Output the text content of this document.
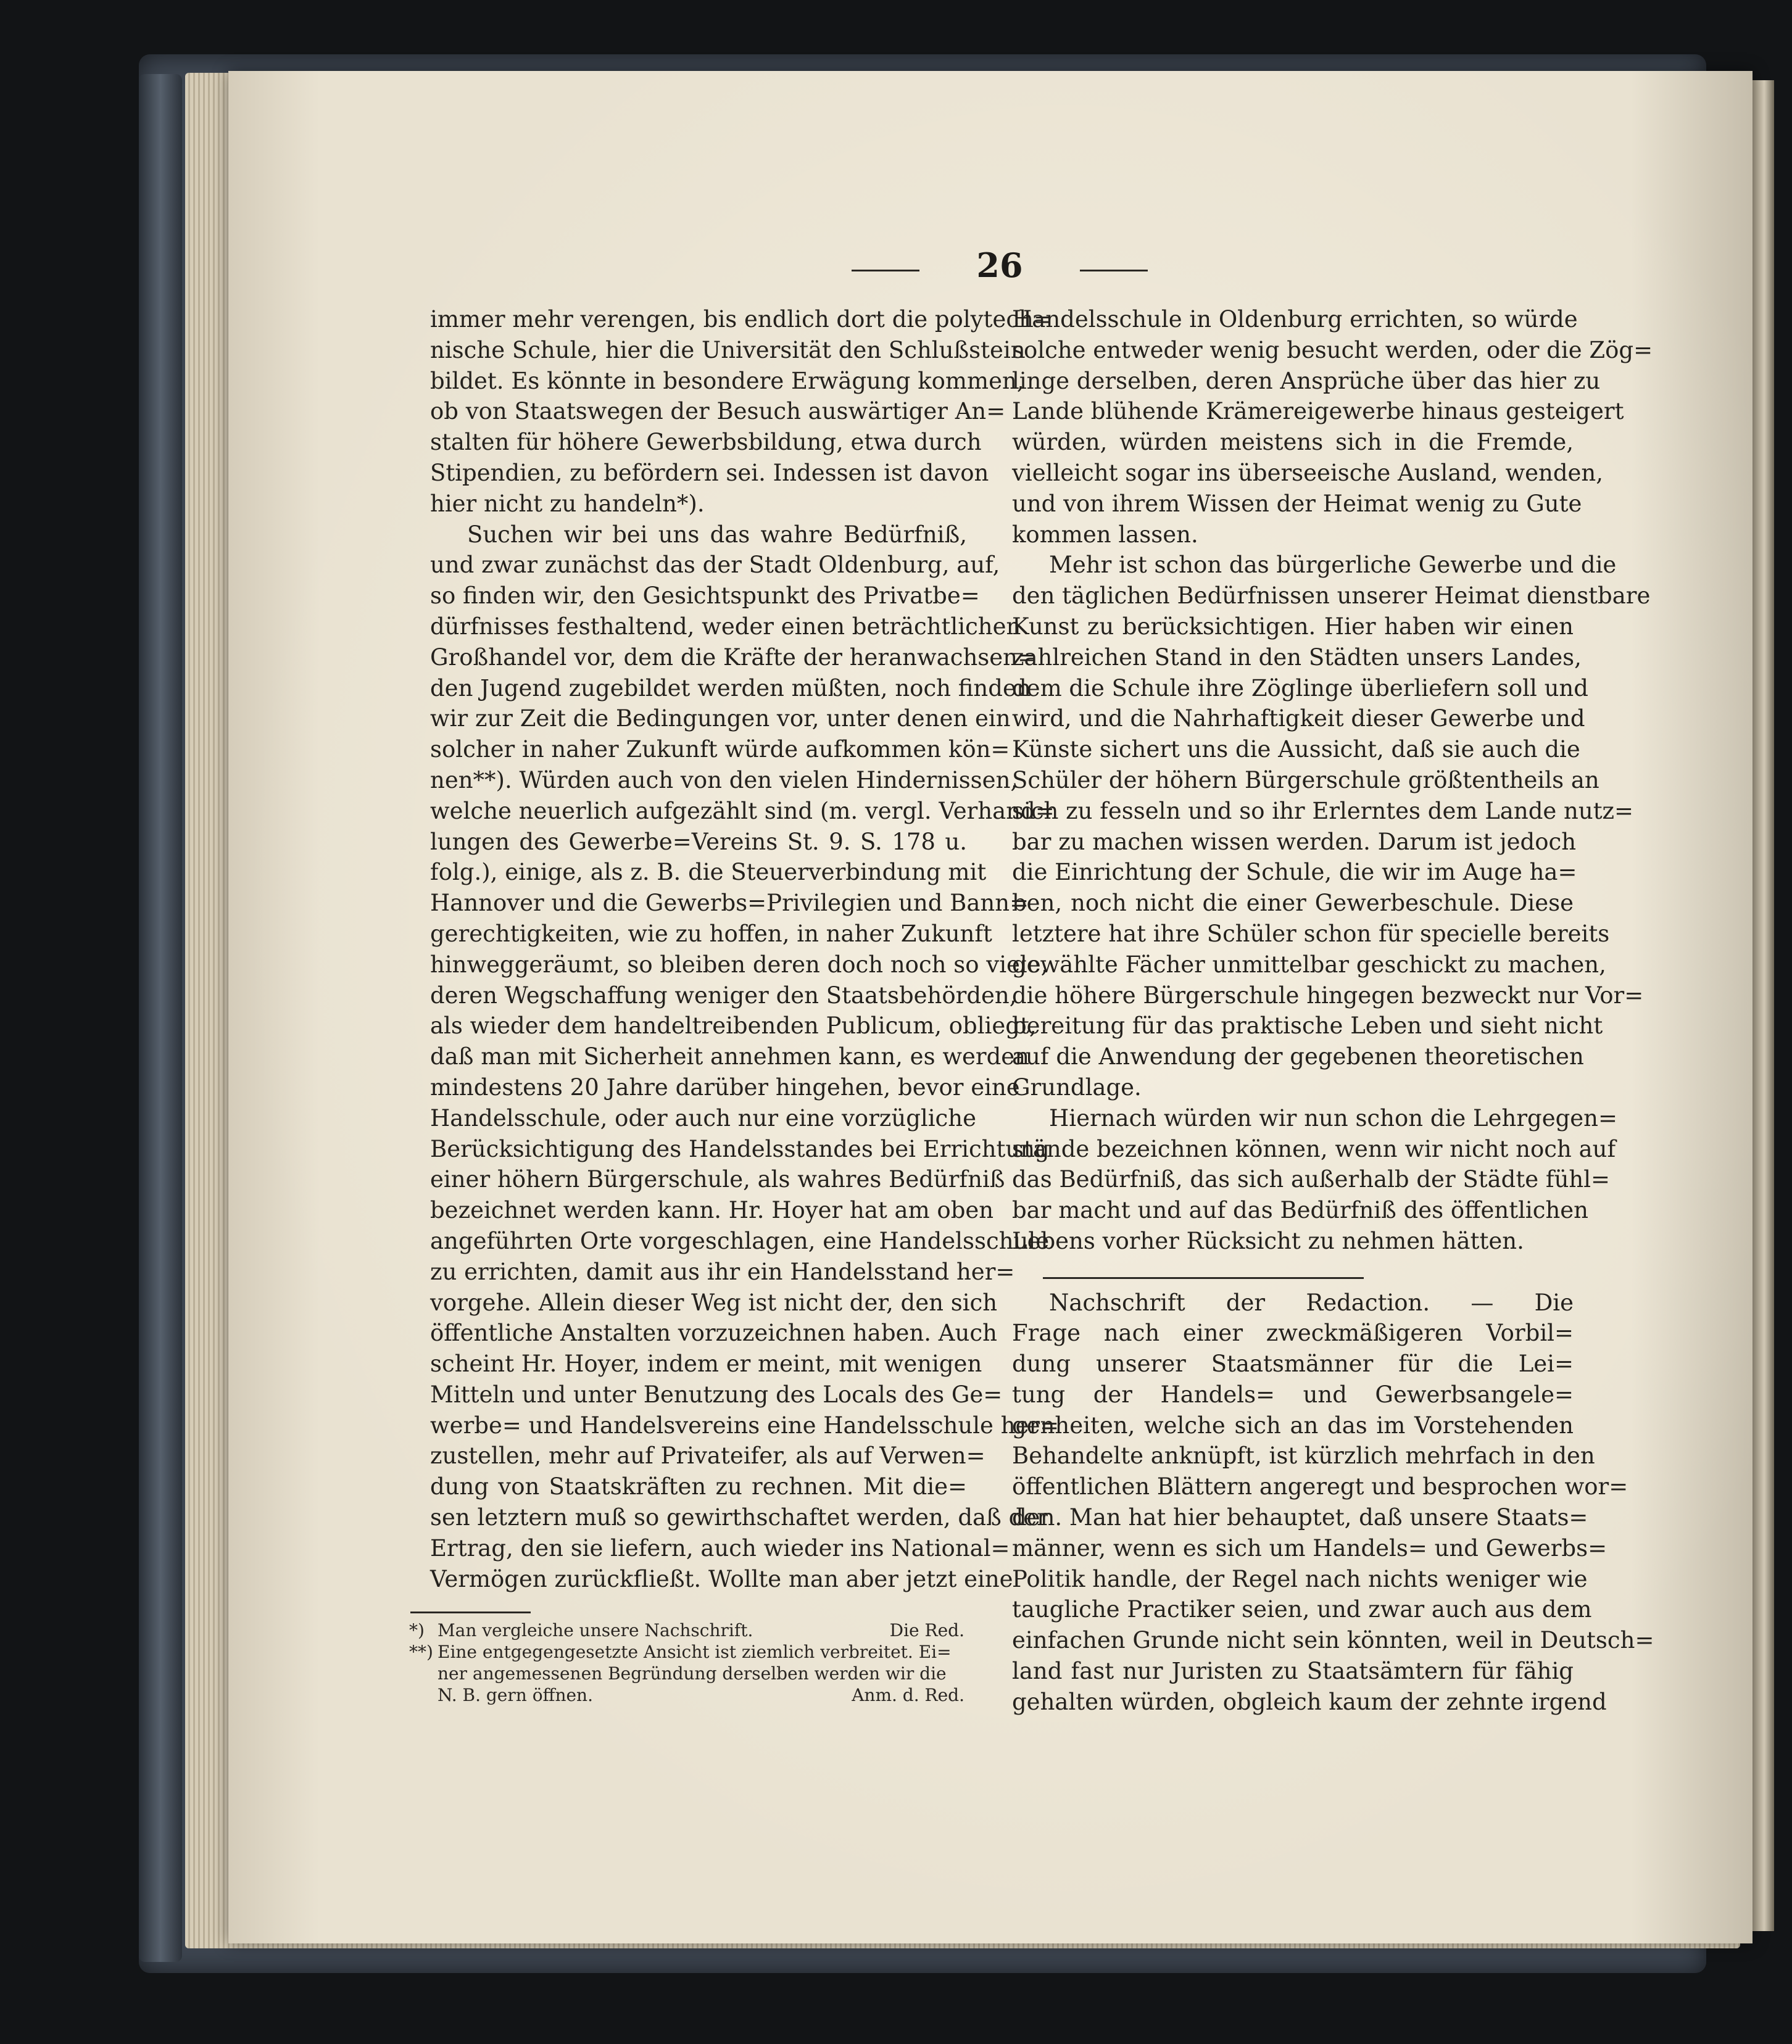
26
immer mehr verengen, bis endlich dort die polytech=
nische Schule, hier die Universität den Schlußstein
bildet. Es könnte in besondere Erwägung kommen,
ob von Staatswegen der Besuch auswärtiger An=
stalten für höhere Gewerbsbildung, etwa durch
Stipendien, zu befördern sei. Indessen ist davon
hier nicht zu handeln*).
Suchen wir bei uns das wahre Bedürfniß,
und zwar zunächst das der Stadt Oldenburg, auf,
so finden wir, den Gesichtspunkt des Privatbe=
dürfnisses festhaltend, weder einen beträchtlichen
Großhandel vor, dem die Kräfte der heranwachsen=
den Jugend zugebildet werden müßten, noch finden
wir zur Zeit die Bedingungen vor, unter denen ein
solcher in naher Zukunft würde aufkommen kön=
nen**). Würden auch von den vielen Hindernissen,
welche neuerlich aufgezählt sind (m. vergl. Verhand=
lungen des Gewerbe=Vereins St. 9. S. 178 u.
folg.), einige, als z. B. die Steuerverbindung mit
Hannover und die Gewerbs=Privilegien und Bann=
gerechtigkeiten, wie zu hoffen, in naher Zukunft
hinweggeräumt, so bleiben deren doch noch so viele,
deren Wegschaffung weniger den Staatsbehörden,
als wieder dem handeltreibenden Publicum, obliegt,
daß man mit Sicherheit annehmen kann, es werden
mindestens 20 Jahre darüber hingehen, bevor eine
Handelsschule, oder auch nur eine vorzügliche
Berücksichtigung des Handelsstandes bei Errichtung
einer höhern Bürgerschule, als wahres Bedürfniß
bezeichnet werden kann. Hr. Hoyer hat am oben
angeführten Orte vorgeschlagen, eine Handelsschule
zu errichten, damit aus ihr ein Handelsstand her=
vorgehe. Allein dieser Weg ist nicht der, den sich
öffentliche Anstalten vorzuzeichnen haben. Auch
scheint Hr. Hoyer, indem er meint, mit wenigen
Mitteln und unter Benutzung des Locals des Ge=
werbe= und Handelsvereins eine Handelsschule her=
zustellen, mehr auf Privateifer, als auf Verwen=
dung von Staatskräften zu rechnen. Mit die=
sen letztern muß so gewirthschaftet werden, daß der
Ertrag, den sie liefern, auch wieder ins National=
Vermögen zurückfließt. Wollte man aber jetzt eine
Handelsschule in Oldenburg errichten, so würde
solche entweder wenig besucht werden, oder die Zög=
linge derselben, deren Ansprüche über das hier zu
Lande blühende Krämereigewerbe hinaus gesteigert
würden, würden meistens sich in die Fremde,
vielleicht sogar ins überseeische Ausland, wenden,
und von ihrem Wissen der Heimat wenig zu Gute
kommen lassen.
Mehr ist schon das bürgerliche Gewerbe und die
den täglichen Bedürfnissen unserer Heimat dienstbare
Kunst zu berücksichtigen. Hier haben wir einen
zahlreichen Stand in den Städten unsers Landes,
dem die Schule ihre Zöglinge überliefern soll und
wird, und die Nahrhaftigkeit dieser Gewerbe und
Künste sichert uns die Aussicht, daß sie auch die
Schüler der höhern Bürgerschule größtentheils an
sich zu fesseln und so ihr Erlerntes dem Lande nutz=
bar zu machen wissen werden. Darum ist jedoch
die Einrichtung der Schule, die wir im Auge ha=
ben, noch nicht die einer Gewerbeschule. Diese
letztere hat ihre Schüler schon für specielle bereits
gewählte Fächer unmittelbar geschickt zu machen,
die höhere Bürgerschule hingegen bezweckt nur Vor=
bereitung für das praktische Leben und sieht nicht
auf die Anwendung der gegebenen theoretischen
Grundlage.
Hiernach würden wir nun schon die Lehrgegen=
stände bezeichnen können, wenn wir nicht noch auf
das Bedürfniß, das sich außerhalb der Städte fühl=
bar macht und auf das Bedürfniß des öffentlichen
Lebens vorher Rücksicht zu nehmen hätten.

Nachschrift der Redaction. — Die
Frage nach einer zweckmäßigeren Vorbil=
dung unserer Staatsmänner für die Lei=
tung der Handels= und Gewerbsangele=
genheiten, welche sich an das im Vorstehenden
Behandelte anknüpft, ist kürzlich mehrfach in den
öffentlichen Blättern angeregt und besprochen wor=
den. Man hat hier behauptet, daß unsere Staats=
männer, wenn es sich um Handels= und Gewerbs=
Politik handle, der Regel nach nichts weniger wie
taugliche Practiker seien, und zwar auch aus dem
einfachen Grunde nicht sein könnten, weil in Deutsch=
land fast nur Juristen zu Staatsämtern für fähig
gehalten würden, obgleich kaum der zehnte irgend
*) Man vergleiche unsere Nachschrift.	Die Red.
**) Eine entgegengesetzte Ansicht ist ziemlich verbreitet. Ei=
ner angemessenen Begründung derselben werden wir die
N. B. gern öffnen.	Anm. d. Red.
